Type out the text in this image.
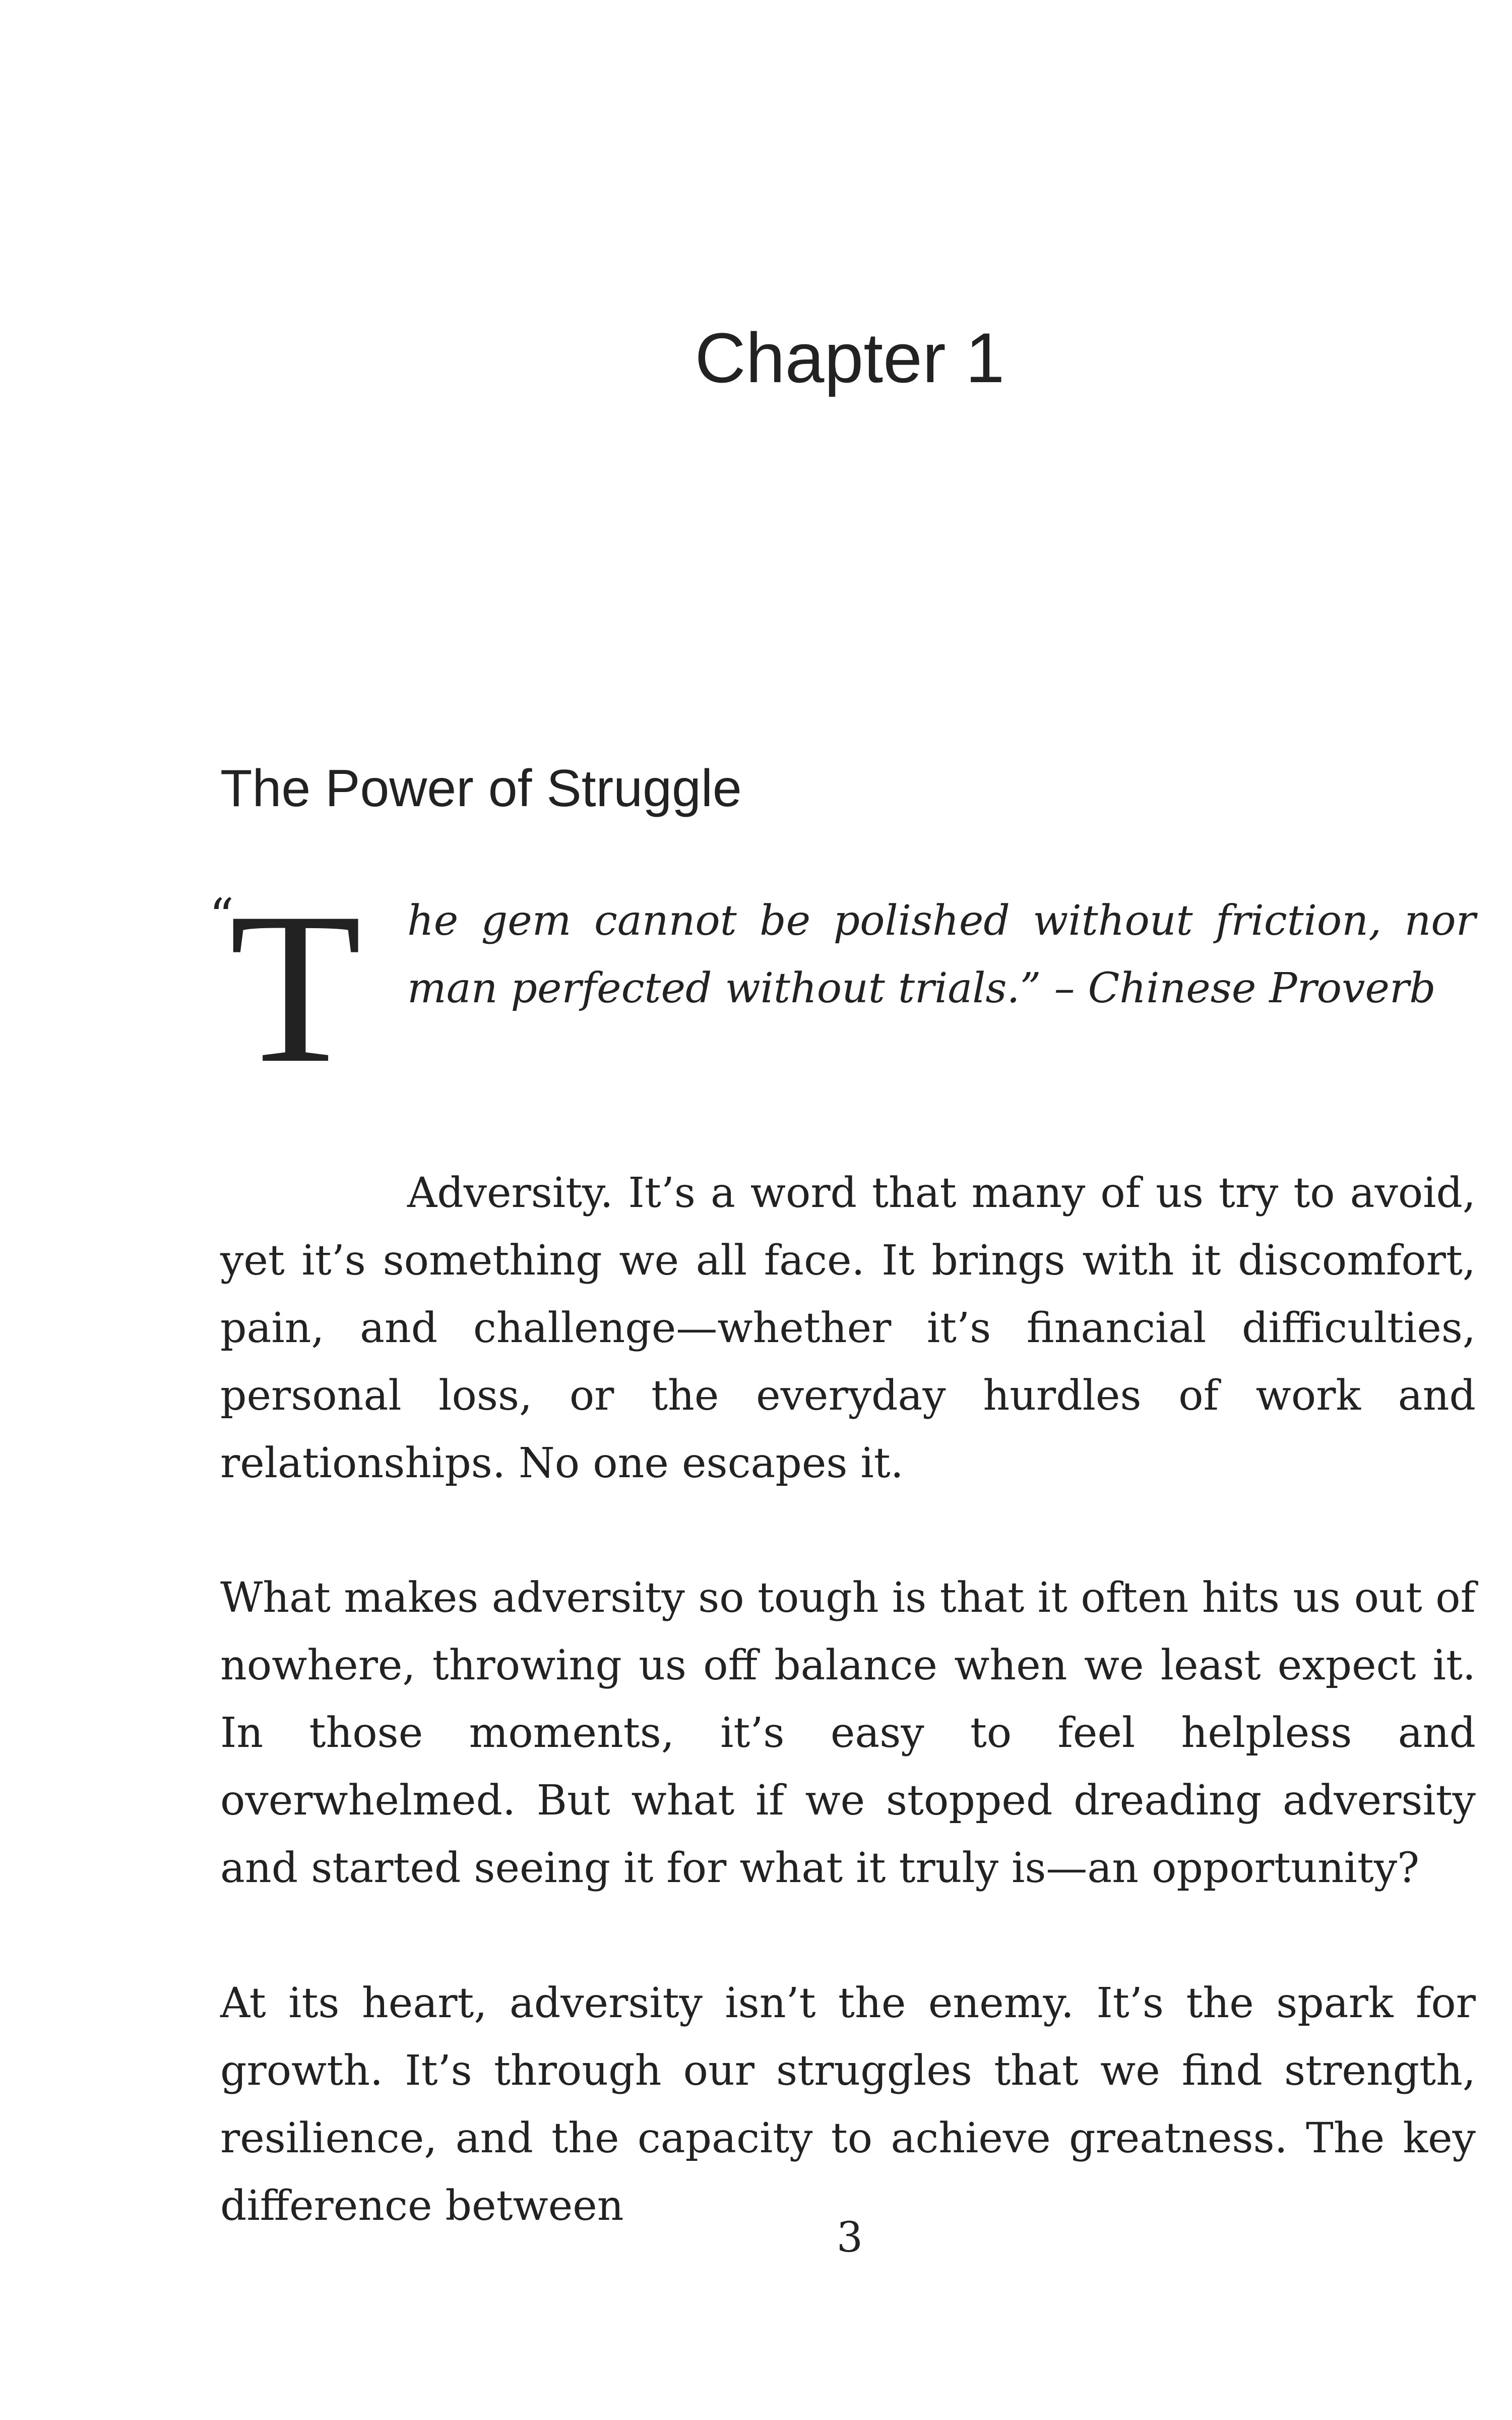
Chapter 1
The Power of Struggle
“
T he gem cannot be polished without friction, nor man perfected without trials.” – Chinese Proverb

Adversity. It’s a word that many of us try to avoid, yet it’s something we all face. It brings with it discomfort, pain, and challenge—whether it’s financial difficulties, personal loss, or the everyday hurdles of work and relationships. No one escapes it.

What makes adversity so tough is that it often hits us out of nowhere, throwing us off balance when we least expect it. In those moments, it’s easy to feel helpless and overwhelmed. But what if we stopped dreading adversity and started seeing it for what it truly is—an opportunity?

At its heart, adversity isn’t the enemy. It’s the spark for growth. It’s through our struggles that we find strength, resilience, and the capacity to achieve greatness. The key difference between

3
